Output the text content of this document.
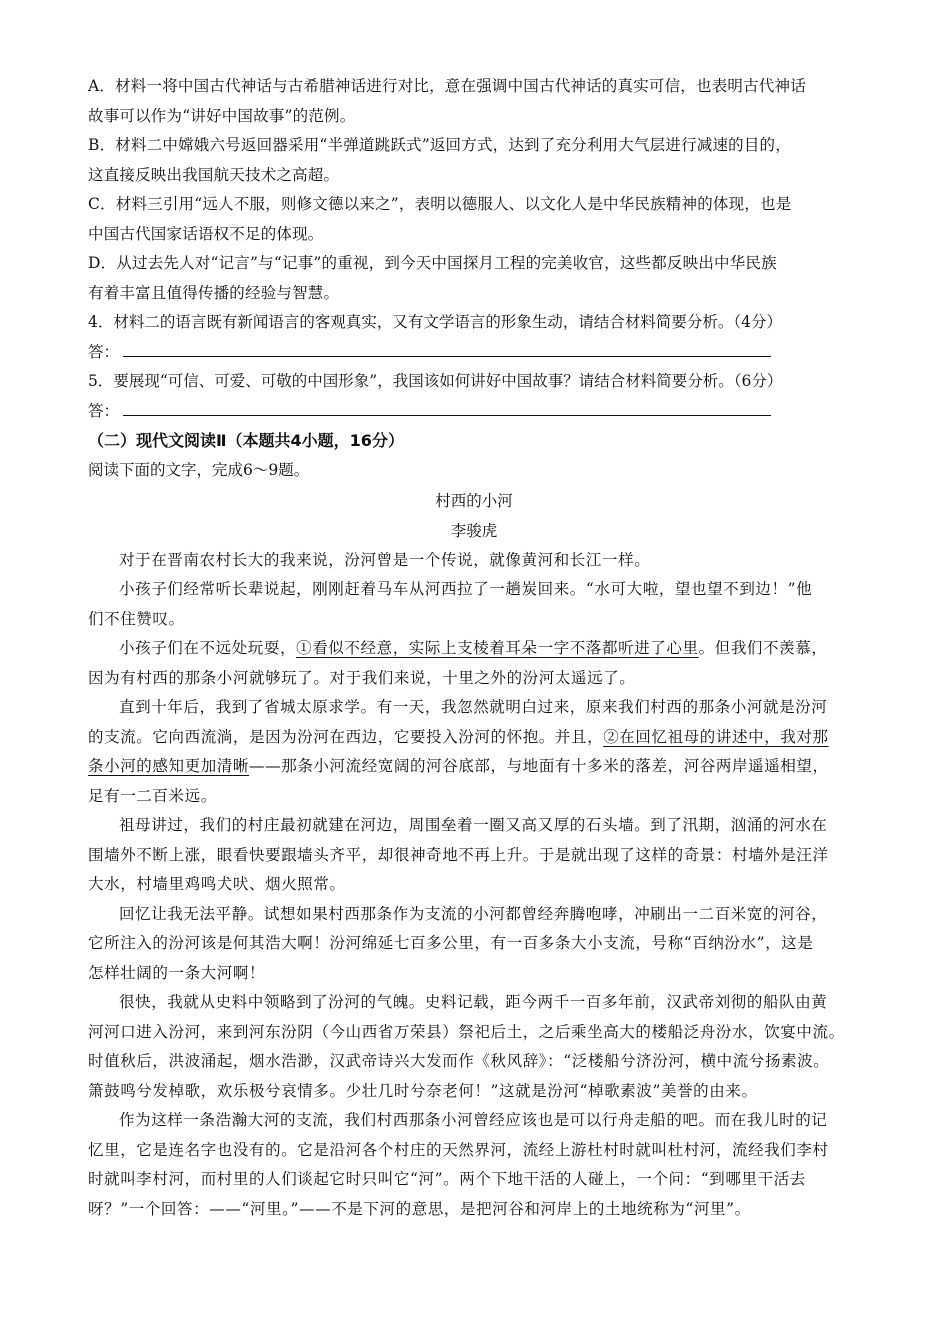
A．材料一将中国古代神话与古希腊神话进行对比，意在强调中国古代神话的真实可信，也表明古代神话

故事可以作为“讲好中国故事”的范例。

B．材料二中嫦娥六号返回器采用“半弹道跳跃式”返回方式，达到了充分利用大气层进行减速的目的，

这直接反映出我国航天技术之高超。

C．材料三引用“远人不服，则修文德以来之”，表明以德服人、以文化人是中华民族精神的体现，也是

中国古代国家话语权不足的体现。

D．从过去先人对“记言”与“记事”的重视，到今天中国探月工程的完美收官，这些都反映出中华民族

有着丰富且值得传播的经验与智慧。

4．材料二的语言既有新闻语言的客观真实，又有文学语言的形象生动，请结合材料简要分析。（4分）

答：

5．要展现“可信、可爱、可敬的中国形象”，我国该如何讲好中国故事？请结合材料简要分析。（6分）

答：

（二）现代文阅读Ⅱ（本题共4小题，16分）

阅读下面的文字，完成6～9题。

村西的小河
李骏虎

对于在晋南农村长大的我来说，汾河曾是一个传说，就像黄河和长江一样。

小孩子们经常听长辈说起，刚刚赶着马车从河西拉了一趟炭回来。“水可大啦，望也望不到边！”他

们不住赞叹。

小孩子们在不远处玩耍，①看似不经意，实际上支棱着耳朵一字不落都听进了心里。但我们不羡慕，

因为有村西的那条小河就够玩了。对于我们来说，十里之外的汾河太遥远了。

直到十年后，我到了省城太原求学。有一天，我忽然就明白过来，原来我们村西的那条小河就是汾河

的支流。它向西流淌，是因为汾河在西边，它要投入汾河的怀抱。并且，②在回忆祖母的讲述中，我对那

条小河的感知更加清晰——那条小河流经宽阔的河谷底部，与地面有十多米的落差，河谷两岸遥遥相望，

足有一二百米远。

祖母讲过，我们的村庄最初就建在河边，周围垒着一圈又高又厚的石头墙。到了汛期，汹涌的河水在

围墙外不断上涨，眼看快要跟墙头齐平，却很神奇地不再上升。于是就出现了这样的奇景：村墙外是汪洋

大水，村墙里鸡鸣犬吠、烟火照常。

回忆让我无法平静。试想如果村西那条作为支流的小河都曾经奔腾咆哮，冲刷出一二百米宽的河谷，

它所注入的汾河该是何其浩大啊！汾河绵延七百多公里，有一百多条大小支流，号称“百纳汾水”，这是

怎样壮阔的一条大河啊！

很快，我就从史料中领略到了汾河的气魄。史料记载，距今两千一百多年前，汉武帝刘彻的船队由黄

河河口进入汾河，来到河东汾阴（今山西省万荣县）祭祀后土，之后乘坐高大的楼船泛舟汾水，饮宴中流。

时值秋后，洪波涌起，烟水浩渺，汉武帝诗兴大发而作《秋风辞》：“泛楼船兮济汾河，横中流兮扬素波。

箫鼓鸣兮发棹歌，欢乐极兮哀情多。少壮几时兮奈老何！”这就是汾河“棹歌素波”美誉的由来。

作为这样一条浩瀚大河的支流，我们村西那条小河曾经应该也是可以行舟走船的吧。而在我儿时的记

忆里，它是连名字也没有的。它是沿河各个村庄的天然界河，流经上游杜村时就叫杜村河，流经我们李村

时就叫李村河，而村里的人们谈起它时只叫它“河”。两个下地干活的人碰上，一个问：“到哪里干活去

呀？”一个回答：——“河里。”——不是下河的意思，是把河谷和河岸上的土地统称为“河里”。
